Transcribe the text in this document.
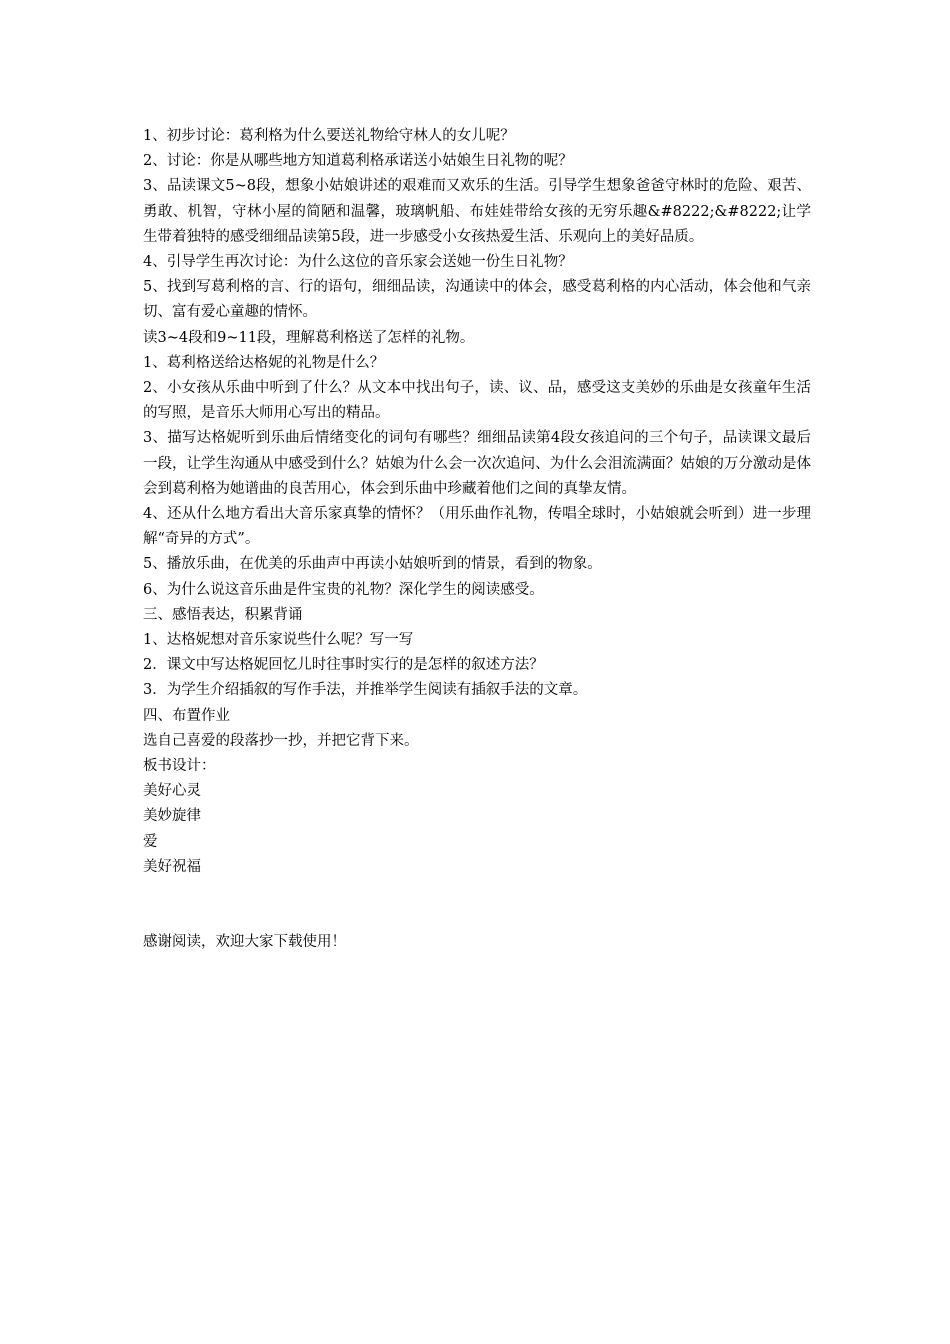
1、初步讨论：葛利格为什么要送礼物给守林人的女儿呢？

2、讨论：你是从哪些地方知道葛利格承诺送小姑娘生日礼物的呢？

3、品读课文5~8段，想象小姑娘讲述的艰难而又欢乐的生活。引导学生想象爸爸守林时的危险、艰苦、勇敢、机智，守林小屋的简陋和温馨，玻璃帆船、布娃娃带给女孩的无穷乐趣&#8222;&#8222;让学生带着独特的感受细细品读第5段，进一步感受小女孩热爱生活、乐观向上的美好品质。

4、引导学生再次讨论：为什么这位的音乐家会送她一份生日礼物？

5、找到写葛利格的言、行的语句，细细品读，沟通读中的体会，感受葛利格的内心活动，体会他和气亲切、富有爱心童趣的情怀。

读3~4段和9~11段，理解葛利格送了怎样的礼物。

1、葛利格送给达格妮的礼物是什么？

2、小女孩从乐曲中听到了什么？从文本中找出句子，读、议、品，感受这支美妙的乐曲是女孩童年生活的写照，是音乐大师用心写出的精品。

3、描写达格妮听到乐曲后情绪变化的词句有哪些？细细品读第4段女孩追问的三个句子，品读课文最后一段，让学生沟通从中感受到什么？姑娘为什么会一次次追问、为什么会泪流满面？姑娘的万分激动是体会到葛利格为她谱曲的良苦用心，体会到乐曲中珍藏着他们之间的真挚友情。

4、还从什么地方看出大音乐家真挚的情怀？（用乐曲作礼物，传唱全球时，小姑娘就会听到）进一步理解“奇异的方式”。

5、播放乐曲，在优美的乐曲声中再读小姑娘听到的情景，看到的物象。

6、为什么说这音乐曲是件宝贵的礼物？深化学生的阅读感受。

三、感悟表达，积累背诵

1、达格妮想对音乐家说些什么呢？写一写

2．课文中写达格妮回忆儿时往事时实行的是怎样的叙述方法？

3．为学生介绍插叙的写作手法，并推举学生阅读有插叙手法的文章。

四、布置作业

选自己喜爱的段落抄一抄，并把它背下来。

板书设计：

美好心灵

美妙旋律

爱

美好祝福

感谢阅读，欢迎大家下载使用！
